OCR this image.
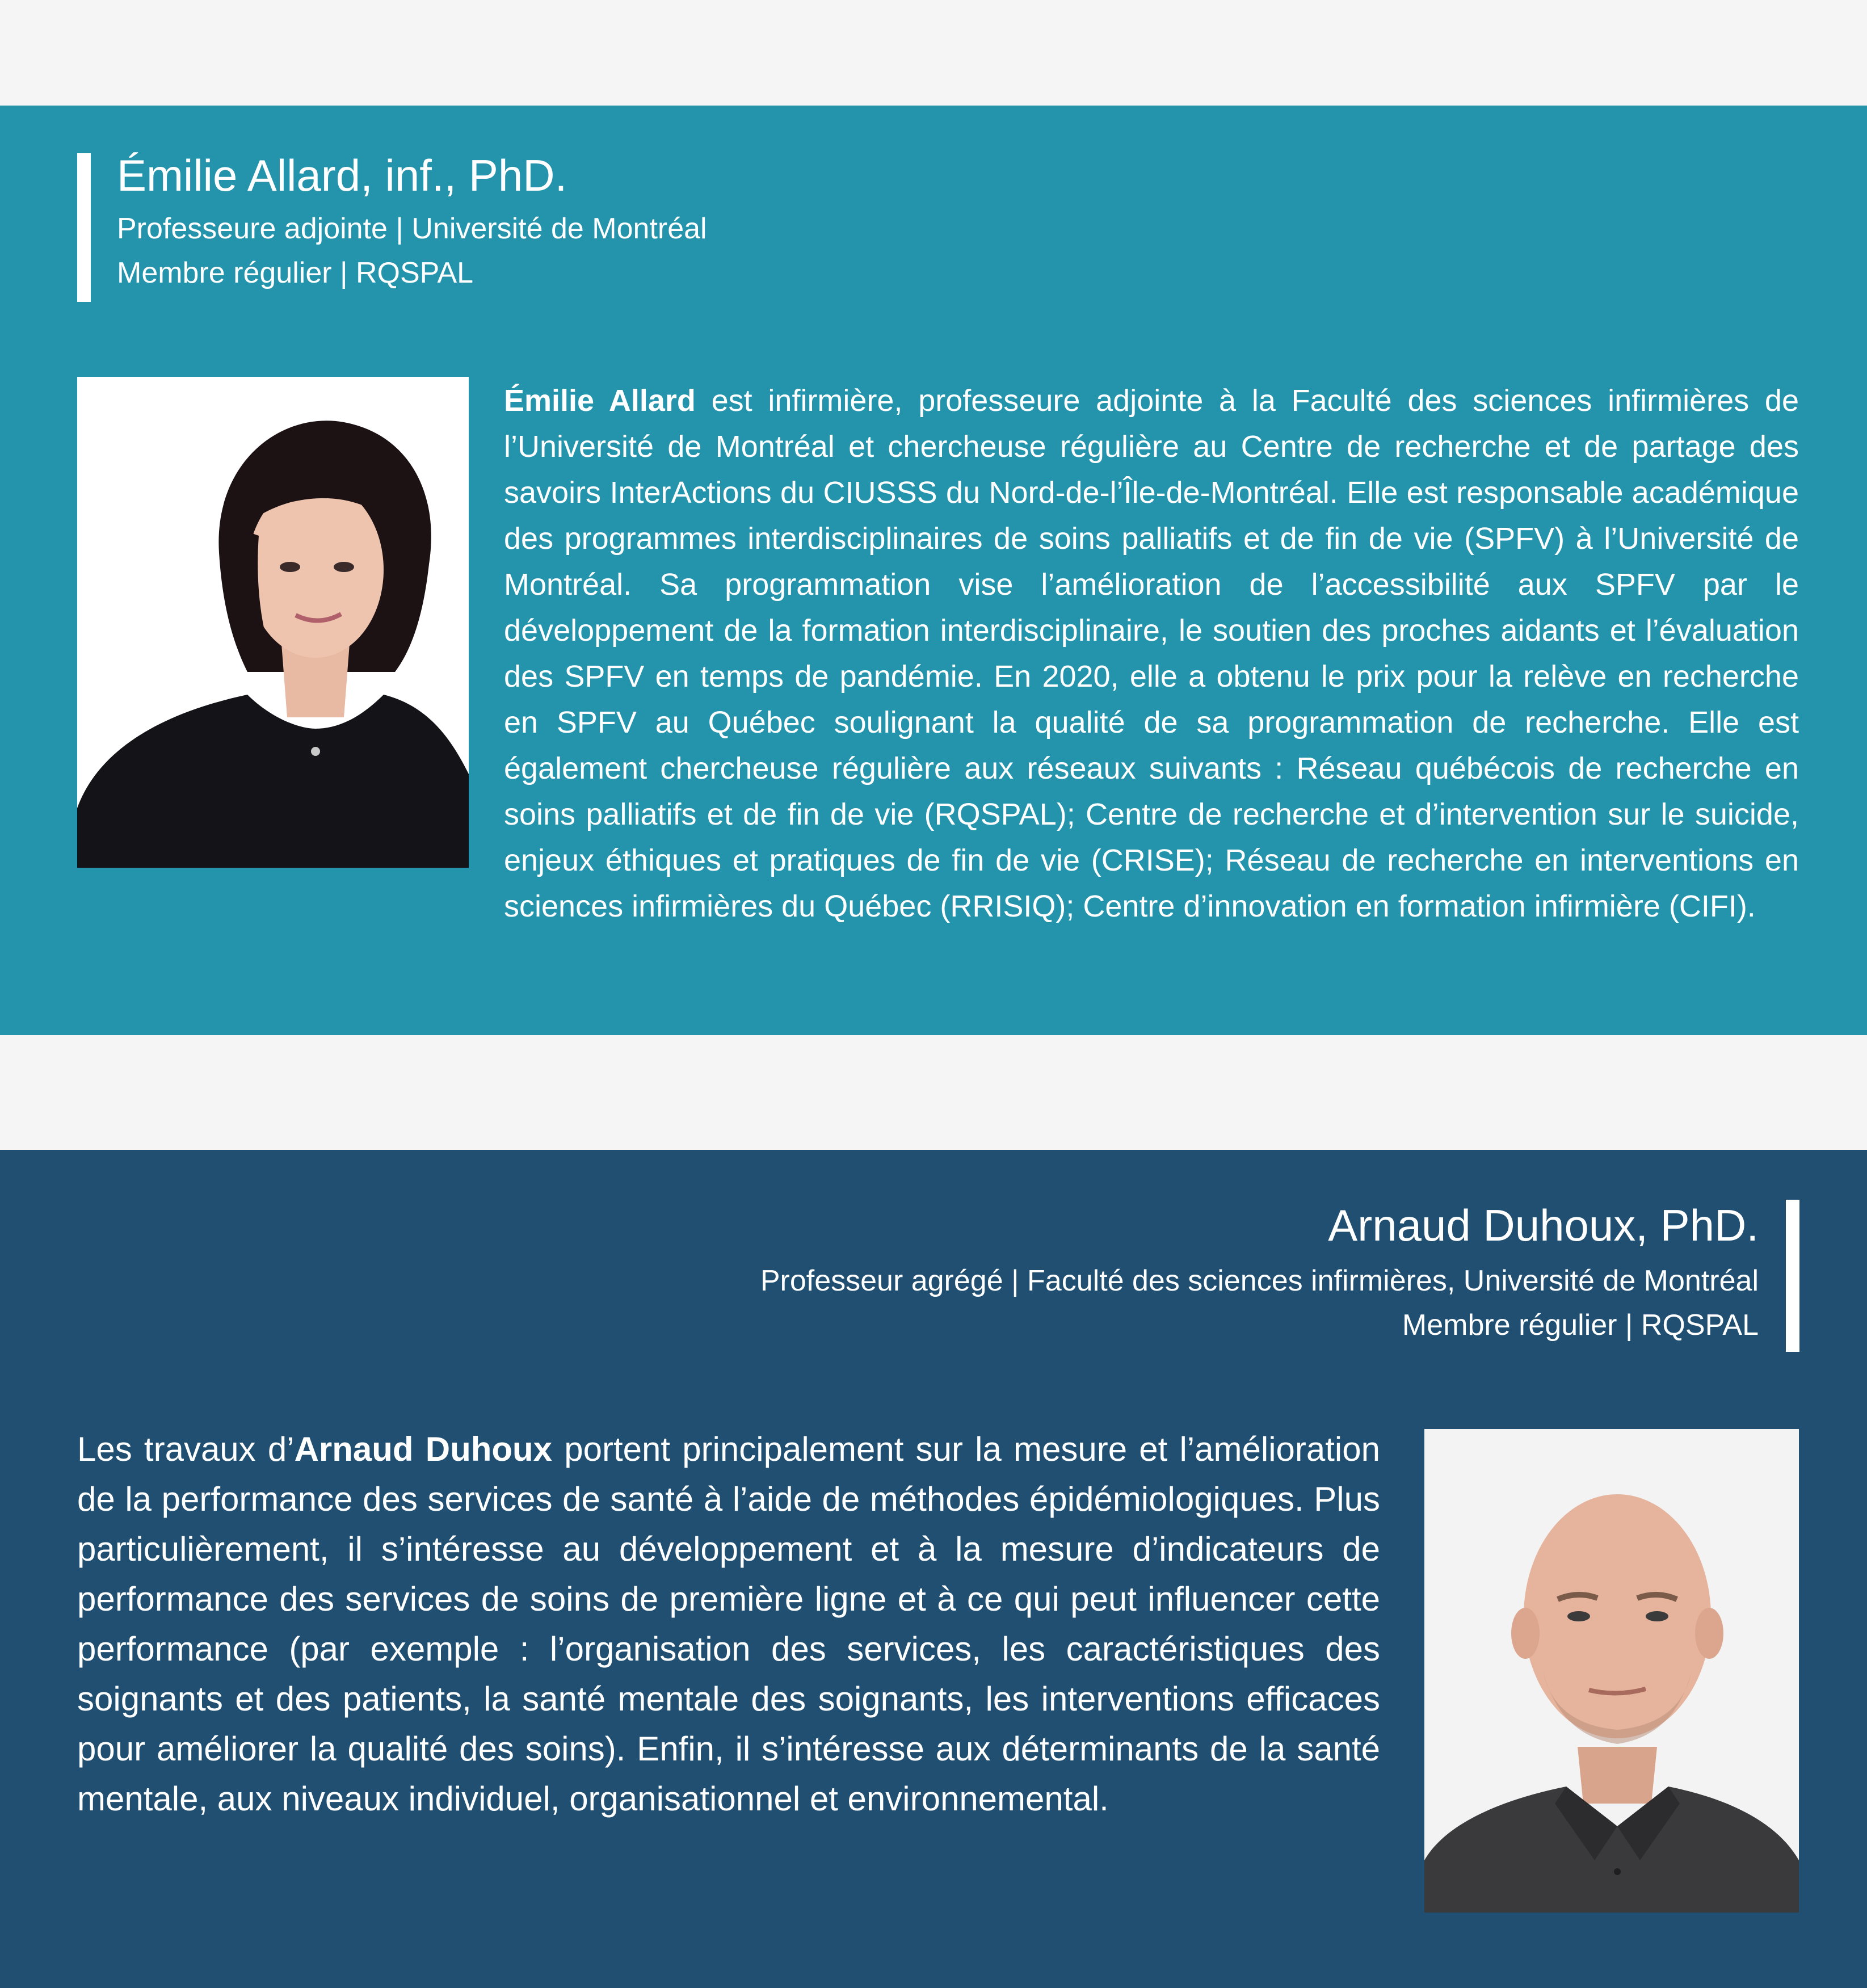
Émilie Allard, inf., PhD.
Professeure adjointe | Université de Montréal
Membre régulier | RQSPAL

Émilie Allard est infirmière, professeure adjointe à la Faculté des sciences infirmières de l’Université de Montréal et chercheuse régulière au Centre de recherche et de partage des savoirs InterActions du CIUSSS du Nord-de-l’Île-de-Montréal. Elle est responsable académique des programmes interdisciplinaires de soins palliatifs et de fin de vie (SPFV) à l’Université de Montréal. Sa programmation vise l’amélioration de l’accessibilité aux SPFV par le développement de la formation interdisciplinaire, le soutien des proches aidants et l’évaluation des SPFV en temps de pandémie. En 2020, elle a obtenu le prix pour la relève en recherche en SPFV au Québec soulignant la qualité de sa programmation de recherche. Elle est également chercheuse régulière aux réseaux suivants : Réseau québécois de recherche en soins palliatifs et de fin de vie (RQSPAL); Centre de recherche et d’intervention sur le suicide, enjeux éthiques et pratiques de fin de vie (CRISE); Réseau de recherche en interventions en sciences infirmières du Québec (RRISIQ); Centre d’innovation en formation infirmière (CIFI).

Arnaud Duhoux, PhD.
Professeur agrégé | Faculté des sciences infirmières, Université de Montréal
Membre régulier | RQSPAL

Les travaux d’Arnaud Duhoux portent principalement sur la mesure et l’amélioration de la performance des services de santé à l’aide de méthodes épidémiologiques. Plus particulièrement, il s’intéresse au développement et à la mesure d’indicateurs de performance des services de soins de première ligne et à ce qui peut influencer cette performance (par exemple : l’organisation des services, les caractéristiques des soignants et des patients, la santé mentale des soignants, les interventions efficaces pour améliorer la qualité des soins). Enfin, il s’intéresse aux déterminants de la santé mentale, aux niveaux individuel, organisationnel et environnemental.
